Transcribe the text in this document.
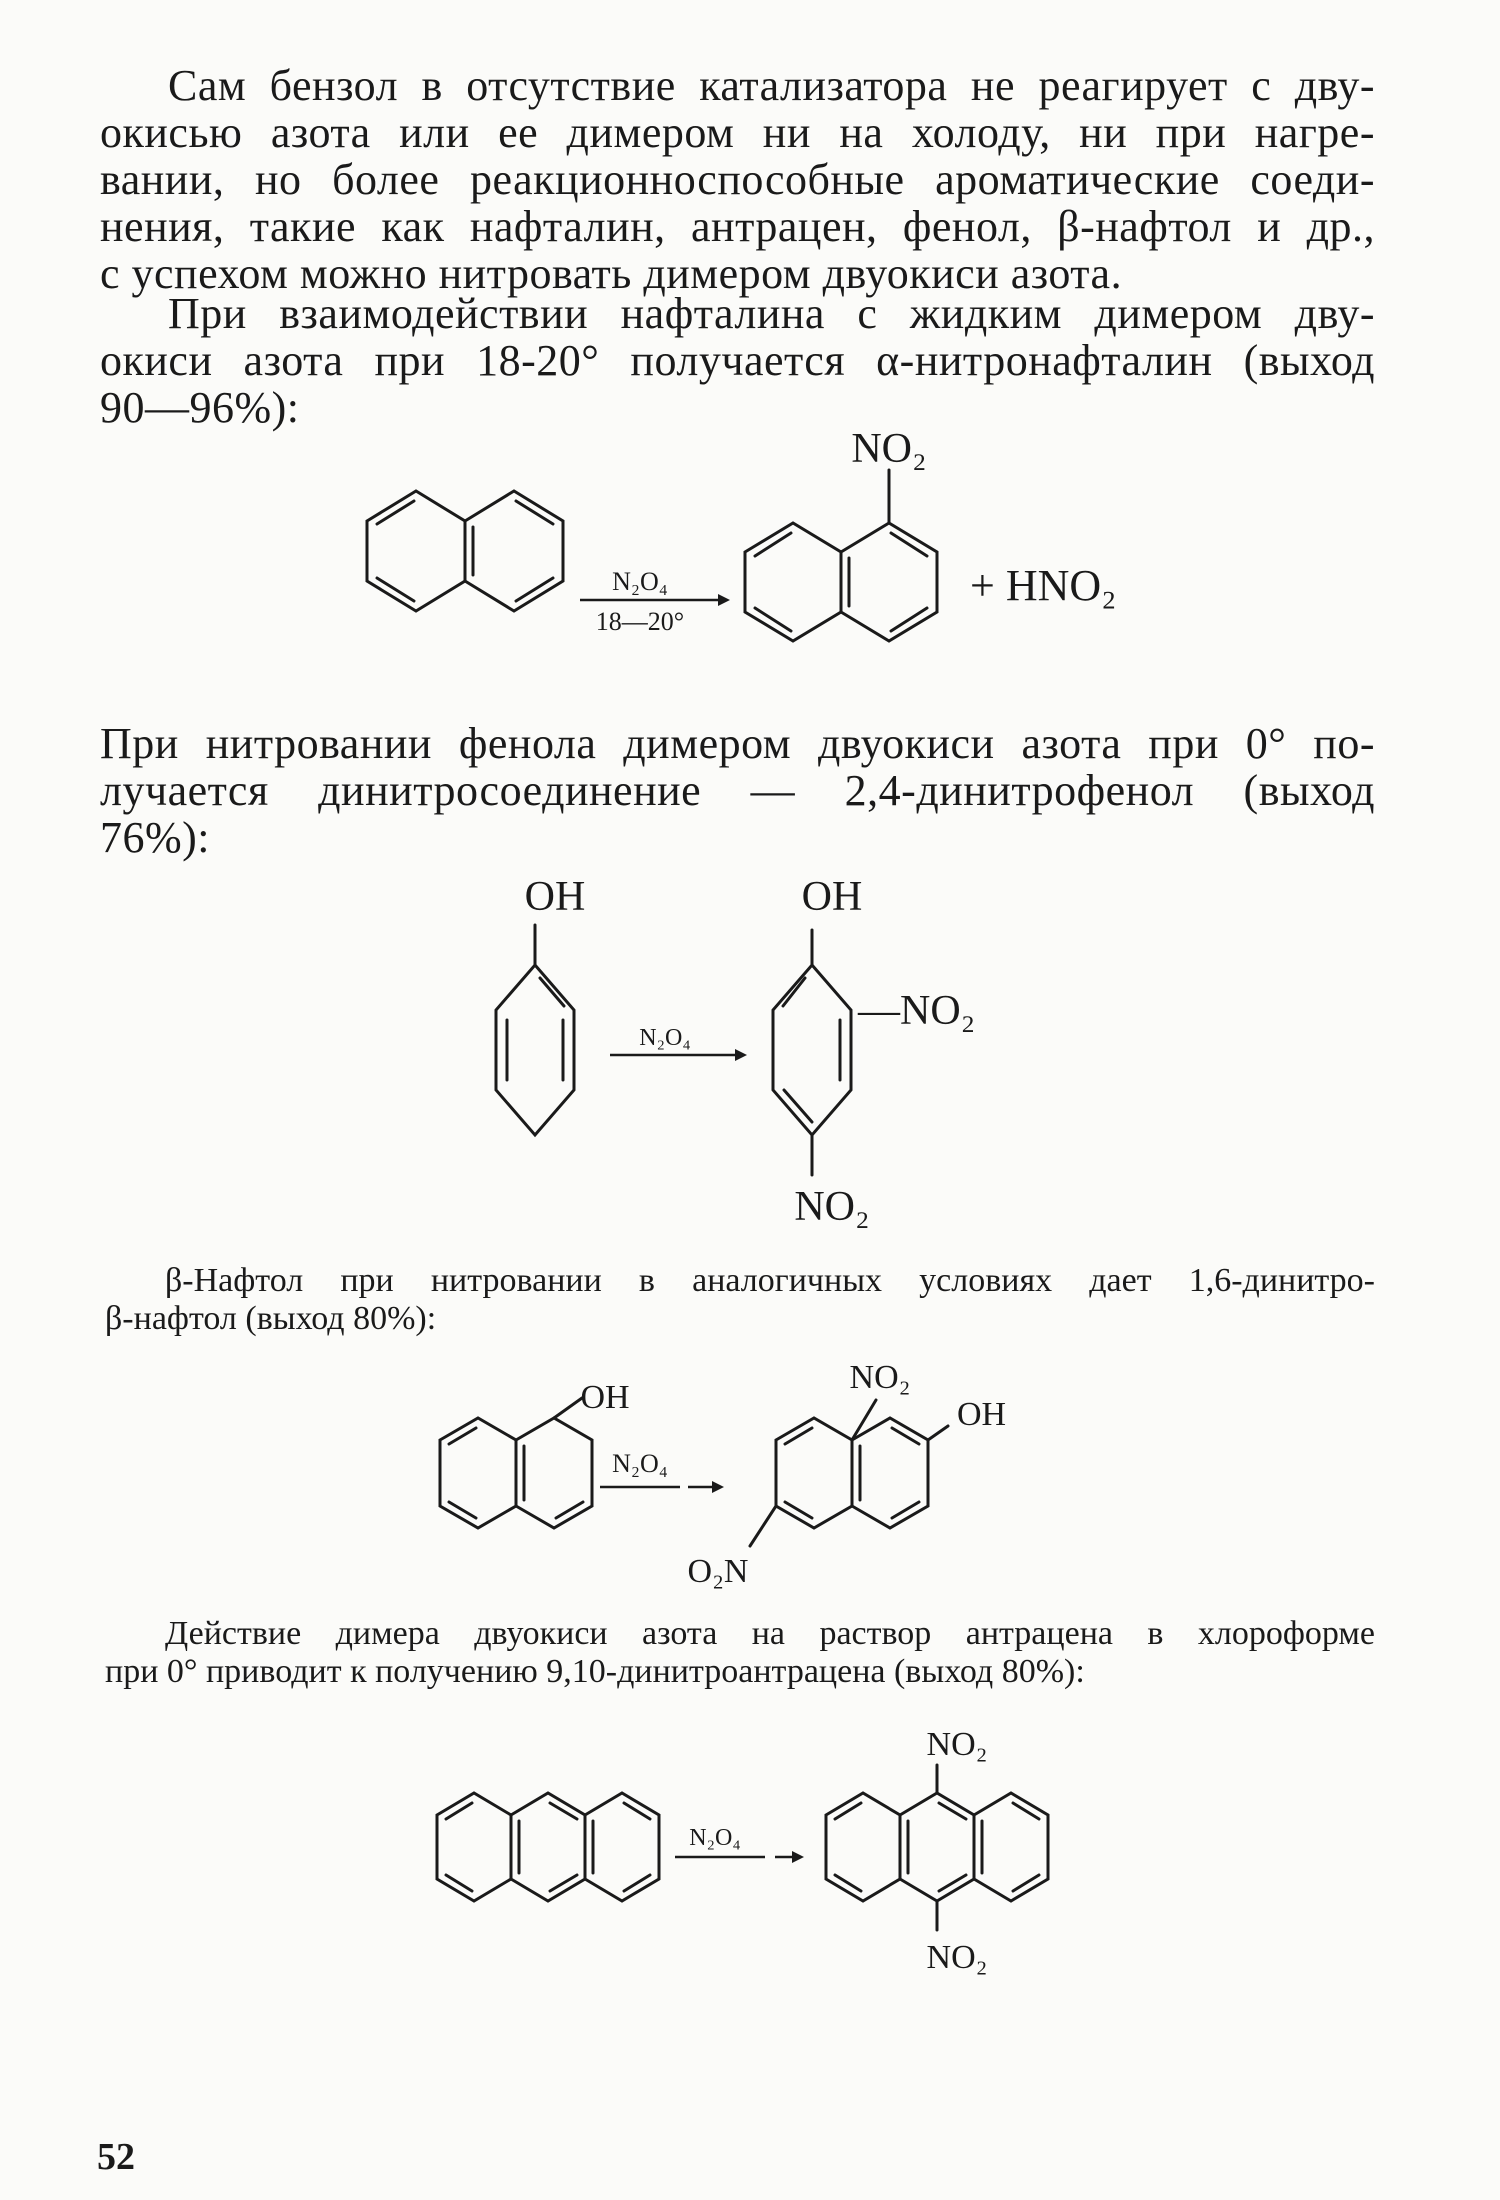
Сам бензол в отсутствие катализатора не реагирует с дву-
окисью азота или ее димером ни на холоду, ни при нагре-
вании, но более реакционноспособные ароматические соеди-
нения, такие как нафталин, антрацен, фенол, β-нафтол и др.,
с успехом можно нитровать димером двуокиси азота.
При взаимодействии нафталина с жидким димером дву-
окиси азота при 18-20° получается α-нитронафталин (выход
90—96%):
N₂O₄
18—20°
NO₂
+ HNO₂
При нитровании фенола димером двуокиси азота при 0° по-
лучается динитросоединение — 2,4-динитрофенол (выход
76%):
OH
N₂O₄
OH
—NO₂
NO₂
β-Нафтол при нитровании в аналогичных условиях дает 1,6-динитро-
β-нафтол (выход 80%):
OH
N₂O₄
NO₂
OH
O₂N
Действие димера двуокиси азота на раствор антрацена в хлороформе
при 0° приводит к получению 9,10-динитроантрацена (выход 80%):
N₂O₄
NO₂
NO₂
52
